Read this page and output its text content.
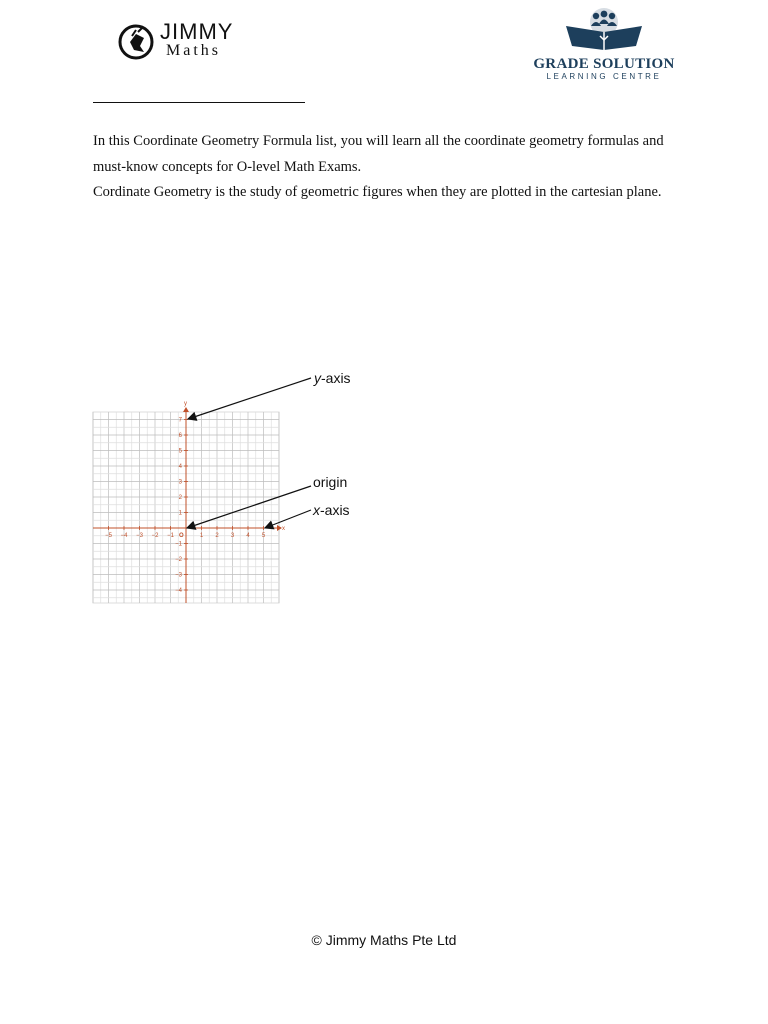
JIMMY
Maths
GRADE SOLUTION
LEARNING CENTRE

In this Coordinate Geometry Formula list, you will learn all the coordinate geometry formulas and must-know concepts for O-level Math Exams.

Cordinate Geometry is the study of geometric figures when they are plotted in the cartesian plane.

x
y
O
−5 −4 −3 −2 −1	1 2 3 4 5
7
6
5
4
3
2
1
−1
−2
−3
−4
y-axis
origin
x-axis
© Jimmy Maths Pte Ltd
